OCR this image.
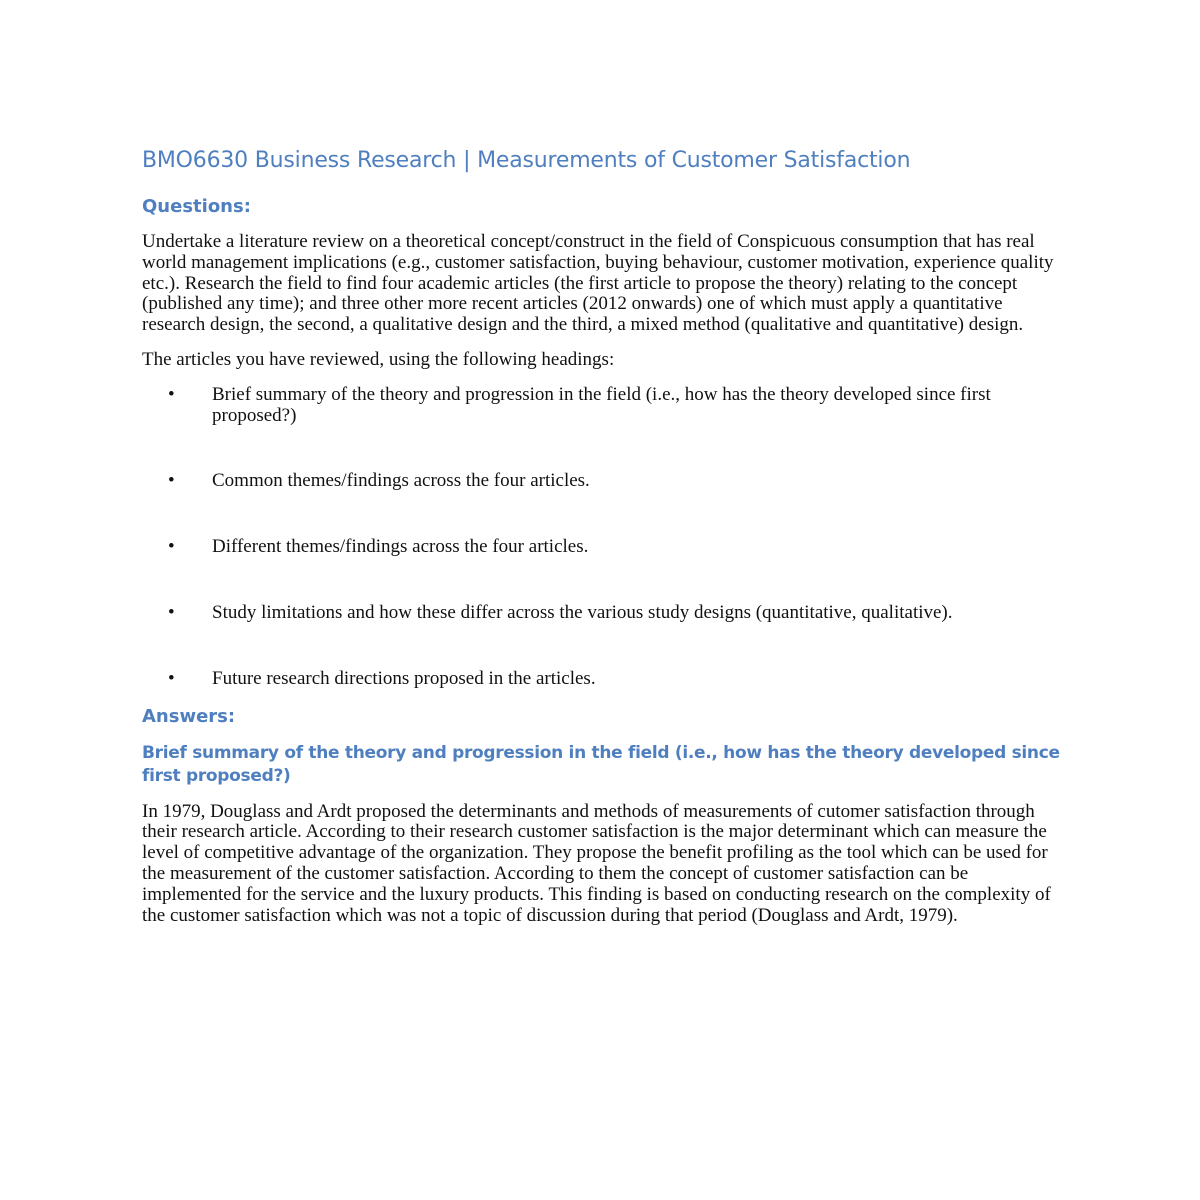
BMO6630 Business Research | Measurements of Customer Satisfaction
Questions:

Undertake a literature review on a theoretical concept/construct in the field of Conspicuous consumption that has real world management implications (e.g., customer satisfaction, buying behaviour, customer motivation, experience quality etc.). Research the field to find four academic articles (the first article to propose the theory) relating to the concept (published any time); and three other more recent articles (2012 onwards) one of which must apply a quantitative research design, the second, a qualitative design and the third, a mixed method (qualitative and quantitative) design.

The articles you have reviewed, using the following headings:

• Brief summary of the theory and progression in the field (i.e., how has the theory developed since first proposed?)
• Common themes/findings across the four articles.
• Different themes/findings across the four articles.
• Study limitations and how these differ across the various study designs (quantitative, qualitative).
• Future research directions proposed in the articles.
Answers:
Brief summary of the theory and progression in the field (i.e., how has the theory developed since first proposed?)

In 1979, Douglass and Ardt proposed the determinants and methods of measurements of cutomer satisfaction through their research article. According to their research customer satisfaction is the major determinant which can measure the level of competitive advantage of the organization. They propose the benefit profiling as the tool which can be used for the measurement of the customer satisfaction. According to them the concept of customer satisfaction can be implemented for the service and the luxury products. This finding is based on conducting research on the complexity of the customer satisfaction which was not a topic of discussion during that period (Douglass and Ardt, 1979).
